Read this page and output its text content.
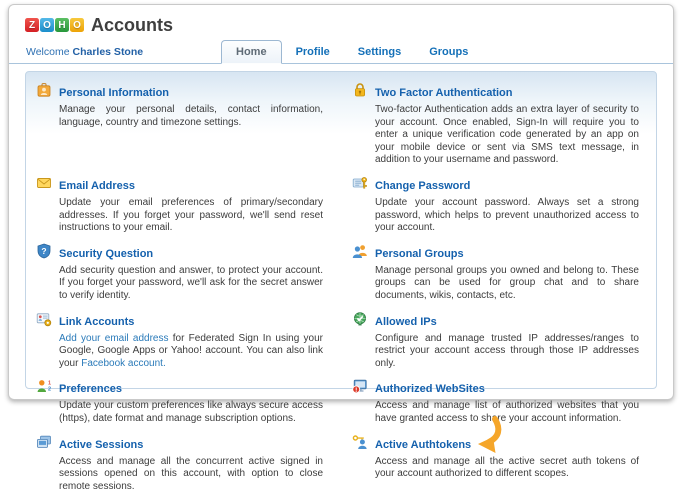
Z O H O Accounts
Welcome Charles Stone	Home	Profile	Settings	Groups
Personal Information
Manage your personal details, contact information, language, country and timezone settings.
Email Address
Update your email preferences of primary/secondary addresses. If you forget your password, we'll send reset instructions to your email.
? Security Question
Add security question and answer, to protect your account. If you forget your password, we'll ask for the secret answer to verify identity.
Link Accounts
Add your email address for Federated Sign In using your Google, Google Apps or Yahoo! account. You can also link your Facebook account.
1
2 Preferences
Update your custom preferences like always secure access (https), date format and manage subscription options.
Active Sessions
Access and manage all the concurrent active signed in sessions opened on this account, with option to close remote sessions.
Two Factor Authentication
Two-factor Authentication adds an extra layer of security to your account. Once enabled, Sign-In will require you to enter a unique verification code generated by an app on your mobile device or sent via SMS text message, in addition to your username and password.
Change Password
Update your account password. Always set a strong password, which helps to prevent unauthorized access to your account.
Personal Groups
Manage personal groups you owned and belong to. These groups can be used for group chat and to share documents, wikis, contacts, etc.
Allowed IPs
Configure and manage trusted IP addresses/ranges to restrict your account access through those IP addresses only.
! Authorized WebSites
Access and manage list of authorized websites that you have granted access to share your account information.
Active Authtokens
Access and manage all the active secret auth tokens of your account authorized to different scopes.
